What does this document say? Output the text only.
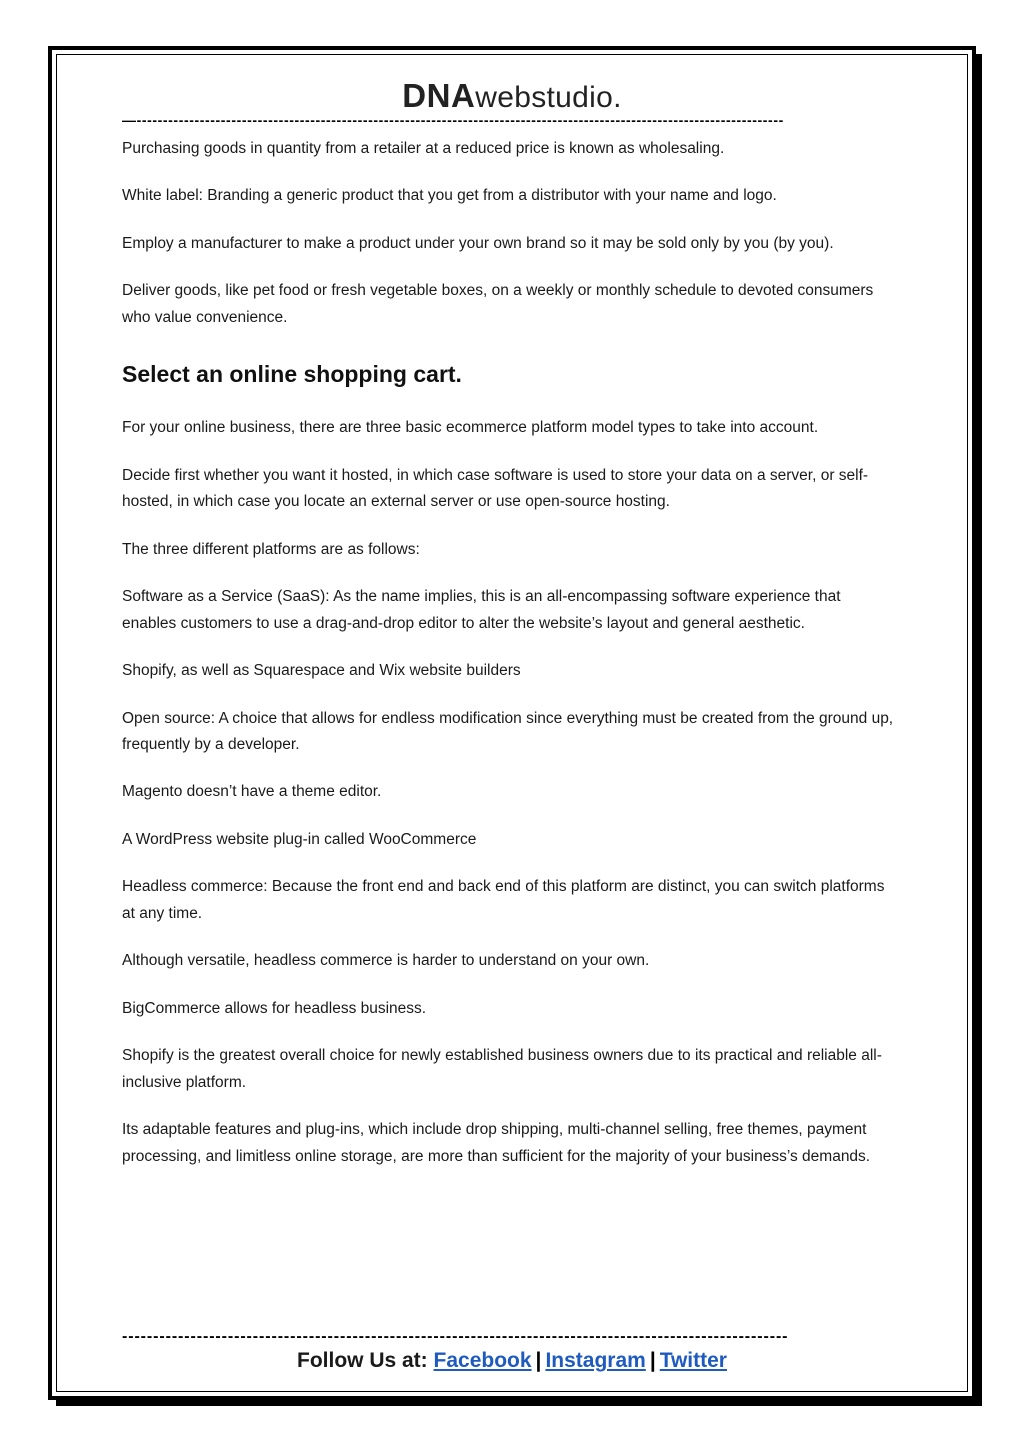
DNAwebstudio.
—---------------------------------------------------------------------------------------------------------------------------

Purchasing goods in quantity from a retailer at a reduced price is known as wholesaling.

White label: Branding a generic product that you get from a distributor with your name and logo.

Employ a manufacturer to make a product under your own brand so it may be sold only by you (by you).

Deliver goods, like pet food or fresh vegetable boxes, on a weekly or monthly schedule to devoted consumers who value convenience.

Select an online shopping cart.

For your online business, there are three basic ecommerce platform model types to take into account.

Decide first whether you want it hosted, in which case software is used to store your data on a server, or self-hosted, in which case you locate an external server or use open-source hosting.

The three different platforms are as follows:

Software as a Service (SaaS): As the name implies, this is an all-encompassing software experience that enables customers to use a drag-and-drop editor to alter the website’s layout and general aesthetic.

Shopify, as well as Squarespace and Wix website builders

Open source: A choice that allows for endless modification since everything must be created from the ground up, frequently by a developer.

Magento doesn’t have a theme editor.

A WordPress website plug-in called WooCommerce

Headless commerce: Because the front end and back end of this platform are distinct, you can switch platforms at any time.

Although versatile, headless commerce is harder to understand on your own.

BigCommerce allows for headless business.

Shopify is the greatest overall choice for newly established business owners due to its practical and reliable all-inclusive platform.

Its adaptable features and plug-ins, which include drop shipping, multi-channel selling, free themes, payment processing, and limitless online storage, are more than sufficient for the majority of your business’s demands.

-----------------------------------------------------------------------------------------------------------
Follow Us at: Facebook | Instagram | Twitter
